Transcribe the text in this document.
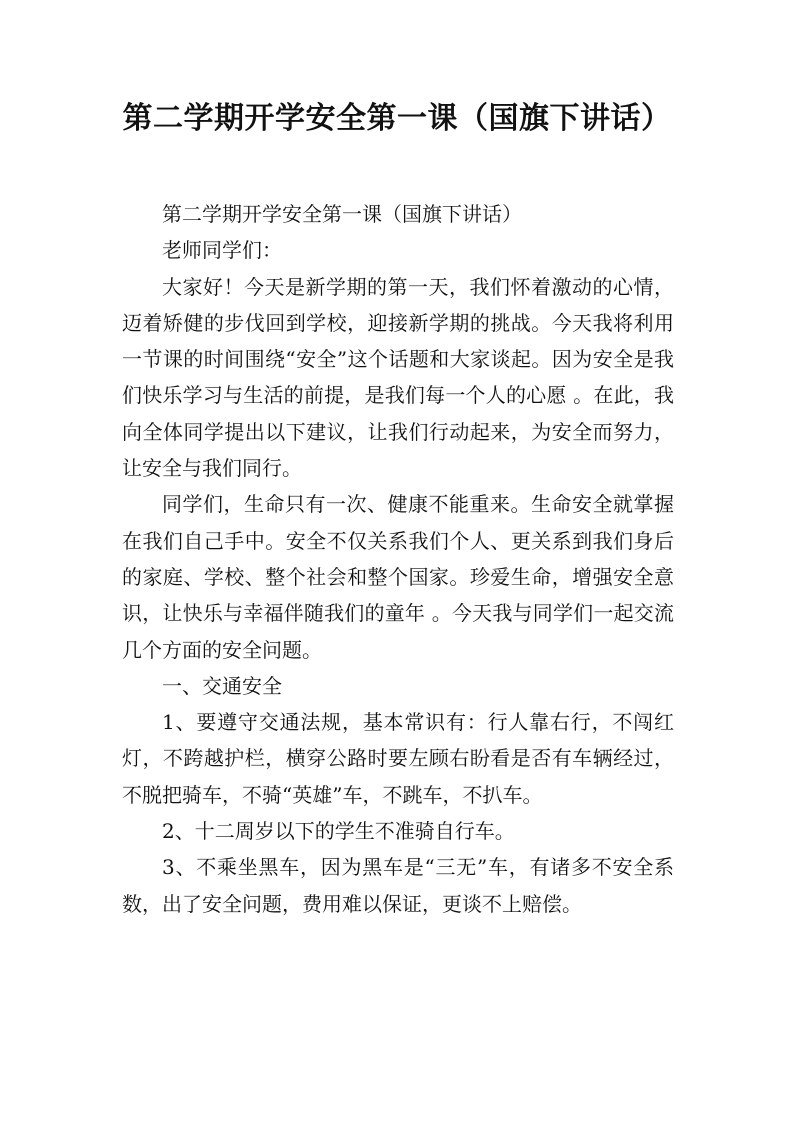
第二学期开学安全第一课（国旗下讲话）

第二学期开学安全第一课（国旗下讲话）

老师同学们：

大家好！今天是新学期的第一天，我们怀着激动的心情，迈着矫健的步伐回到学校，迎接新学期的挑战。今天我将利用一节课的时间围绕“安全”这个话题和大家谈起。因为安全是我们快乐学习与生活的前提，是我们每一个人的心愿 。在此，我向全体同学提出以下建议，让我们行动起来，为安全而努力，让安全与我们同行。

同学们，生命只有一次、健康不能重来。生命安全就掌握在我们自己手中。安全不仅关系我们个人、更关系到我们身后的家庭、学校、整个社会和整个国家。珍爱生命，增强安全意识，让快乐与幸福伴随我们的童年 。今天我与同学们一起交流几个方面的安全问题。

一、交通安全

1、要遵守交通法规，基本常识有：行人靠右行，不闯红灯，不跨越护栏，横穿公路时要左顾右盼看是否有车辆经过，不脱把骑车，不骑“英雄”车，不跳车，不扒车。

2、十二周岁以下的学生不准骑自行车。

3、不乘坐黑车，因为黑车是“三无”车，有诸多不安全系数，出了安全问题，费用难以保证，更谈不上赔偿。
